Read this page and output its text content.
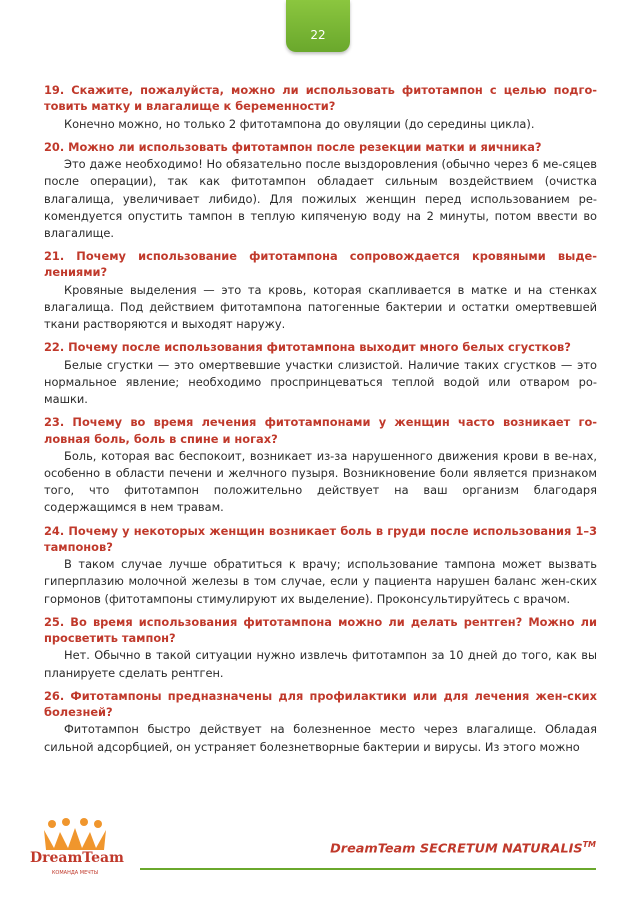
22

19. Скажите, пожалуйста, можно ли использовать фитотампон с целью подго-товить матку и влагалище к беременности?

Конечно можно, но только 2 фитотампона до овуляции (до середины цикла).

20. Можно ли использовать фитотампон после резекции матки и яичника?

Это даже необходимо! Но обязательно после выздоровления (обычно через 6 ме-сяцев после операции), так как фитотампон обладает сильным воздействием (очистка влагалища, увеличивает либидо). Для пожилых женщин перед использованием ре-комендуется опустить тампон в теплую кипяченую воду на 2 минуты, потом ввести во влагалище.

21. Почему использование фитотампона сопровождается кровяными выде-лениями?

Кровяные выделения — это та кровь, которая скапливается в матке и на стенках влагалища. Под действием фитотампона патогенные бактерии и остатки омертвевшей ткани растворяются и выходят наружу.

22. Почему после использования фитотампона выходит много белых сгустков?

Белые сгустки — это омертвевшие участки слизистой. Наличие таких сгустков — это нормальное явление; необходимо проспринцеваться теплой водой или отваром ро-машки.

23. Почему во время лечения фитотампонами у женщин часто возникает го-ловная боль, боль в спине и ногах?

Боль, которая вас беспокоит, возникает из-за нарушенного движения крови в ве-нах, особенно в области печени и желчного пузыря. Возникновение боли является признаком того, что фитотампон положительно действует на ваш организм благодаря содержащимся в нем травам.

24. Почему у некоторых женщин возникает боль в груди после использования 1–3 тампонов?

В таком случае лучше обратиться к врачу; использование тампона может вызвать гиперплазию молочной железы в том случае, если у пациента нарушен баланс жен-ских гормонов (фитотампоны стимулируют их выделение). Проконсультируйтесь с врачом.

25. Во время использования фитотампона можно ли делать рентген? Можно ли просветить тампон?

Нет. Обычно в такой ситуации нужно извлечь фитотампон за 10 дней до того, как вы планируете сделать рентген.

26. Фитотампоны предназначены для профилактики или для лечения жен-ских болезней?

Фитотампон быстро действует на болезненное место через влагалище. Обладая сильной адсорбцией, он устраняет болезнетворные бактерии и вирусы. Из этого можно

DreamTeam
КОМАНДА МЕЧТЫ
DreamTeam SECRETUM NATURALIS™
